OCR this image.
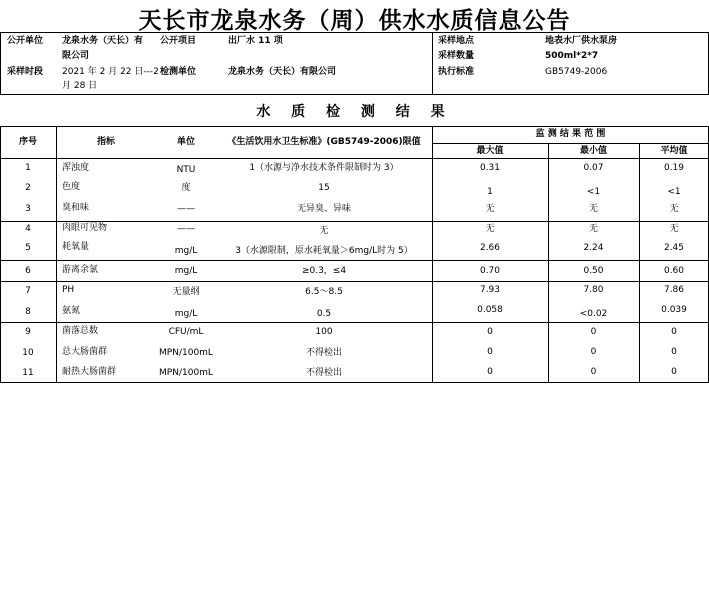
天长市龙泉水务（周）供水水质信息公告
公开单位 龙泉水务（天长）有
限公司
公开项目	出厂水 11 项
采样时段 2021 年 2 月 22 日---2
月 28 日
检测单位	龙泉水务（天长）有限公司
采样地点	地表水厂供水泵房
采样数量	500ml*2*7
执行标准	GB5749-2006
水 质 检 测 结 果
序号	指标	单位	《生活饮用水卫生标准》(GB5749-2006)限值
监 测 结 果 范 围
最大值	最小值	平均值
1	浑浊度	NTU	1（水源与净水技术条件限制时为 3）	0.31	0.07	0.19
2	色度	度	15	1	<1	<1
3	臭和味	——	无异臭、异味	无	无	无
4	肉眼可见物	——	无	无	无	无
5	耗氧量	mg/L	3（水源限制，原水耗氧量＞6mg/L时为 5）	2.66	2.24	2.45
6	游离余氯	mg/L	≥0.3，≤4	0.70	0.50	0.60
7	PH	无量纲	6.5～8.5	7.93	7.80	7.86
8	氨氮	mg/L	0.5	0.058	<0.02	0.039
9	菌落总数	CFU/mL	100	0	0	0
10	总大肠菌群	MPN/100mL	不得检出	0	0	0
11	耐热大肠菌群	MPN/100mL	不得检出	0	0	0
